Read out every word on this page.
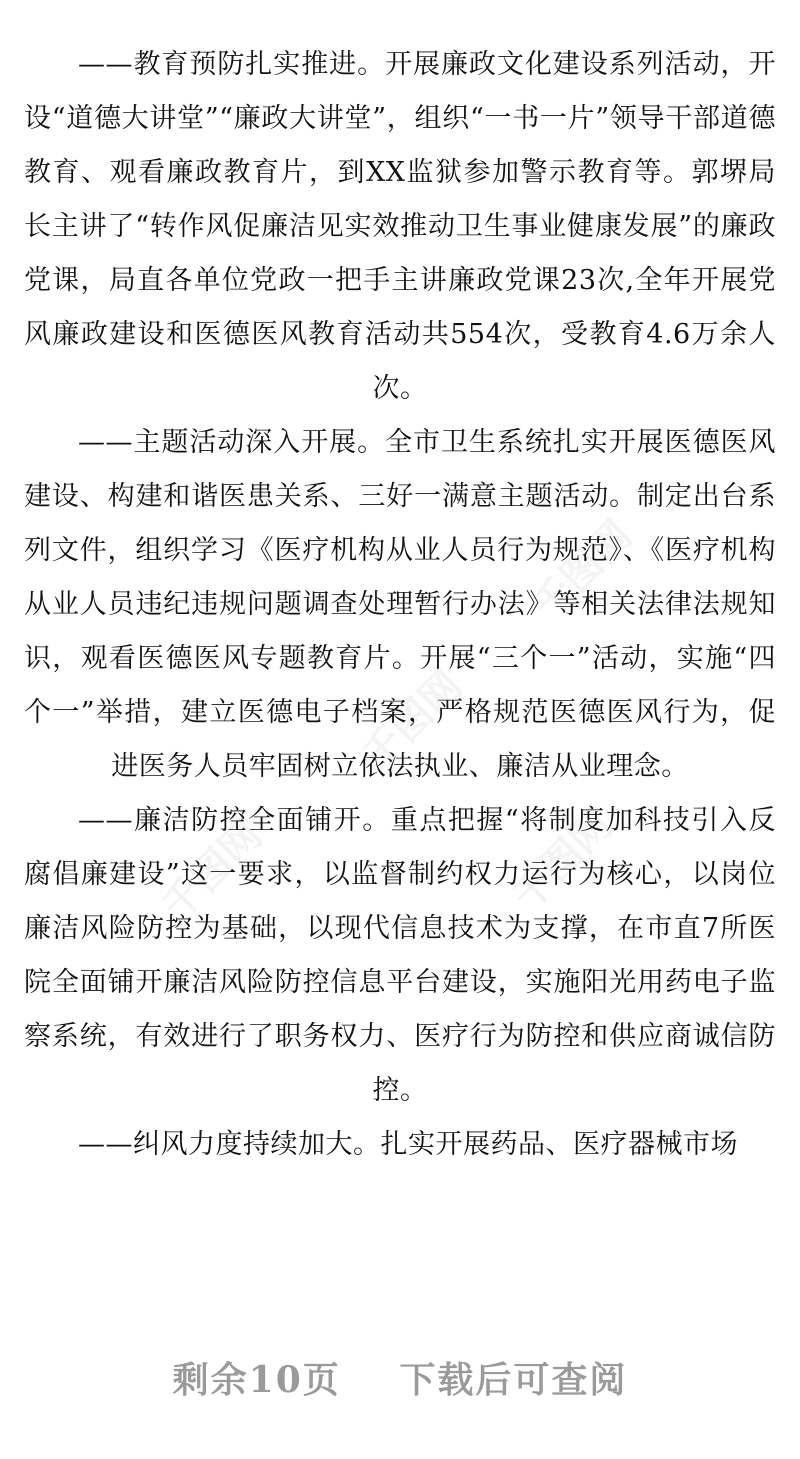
千图网	千图网
千图网
千图网

——教育预防扎实推进。开展廉政文化建设系列活动，开设“道德大讲堂”“廉政大讲堂”，组织“一书一片”领导干部道德教育、观看廉政教育片，到XX监狱参加警示教育等。郭堺局长主讲了“转作风促廉洁见实效推动卫生事业健康发展”的廉政党课，局直各单位党政一把手主讲廉政党课23次,全年开展党风廉政建设和医德医风教育活动共554次，受教育4.6万余人次。

——主题活动深入开展。全市卫生系统扎实开展医德医风建设、构建和谐医患关系、三好一满意主题活动。制定出台系列文件，组织学习《医疗机构从业人员行为规范》、《医疗机构从业人员违纪违规问题调查处理暂行办法》等相关法律法规知识，观看医德医风专题教育片。开展“三个一”活动，实施“四个一”举措，建立医德电子档案，严格规范医德医风行为，促进医务人员牢固树立依法执业、廉洁从业理念。

——廉洁防控全面铺开。重点把握“将制度加科技引入反腐倡廉建设”这一要求，以监督制约权力运行为核心，以岗位廉洁风险防控为基础，以现代信息技术为支撑，在市直7所医院全面铺开廉洁风险防控信息平台建设，实施阳光用药电子监察系统，有效进行了职务权力、医疗行为防控和供应商诚信防控。

——纠风力度持续加大。扎实开展药品、医疗器械市场

剩余10页 下载后可查阅
